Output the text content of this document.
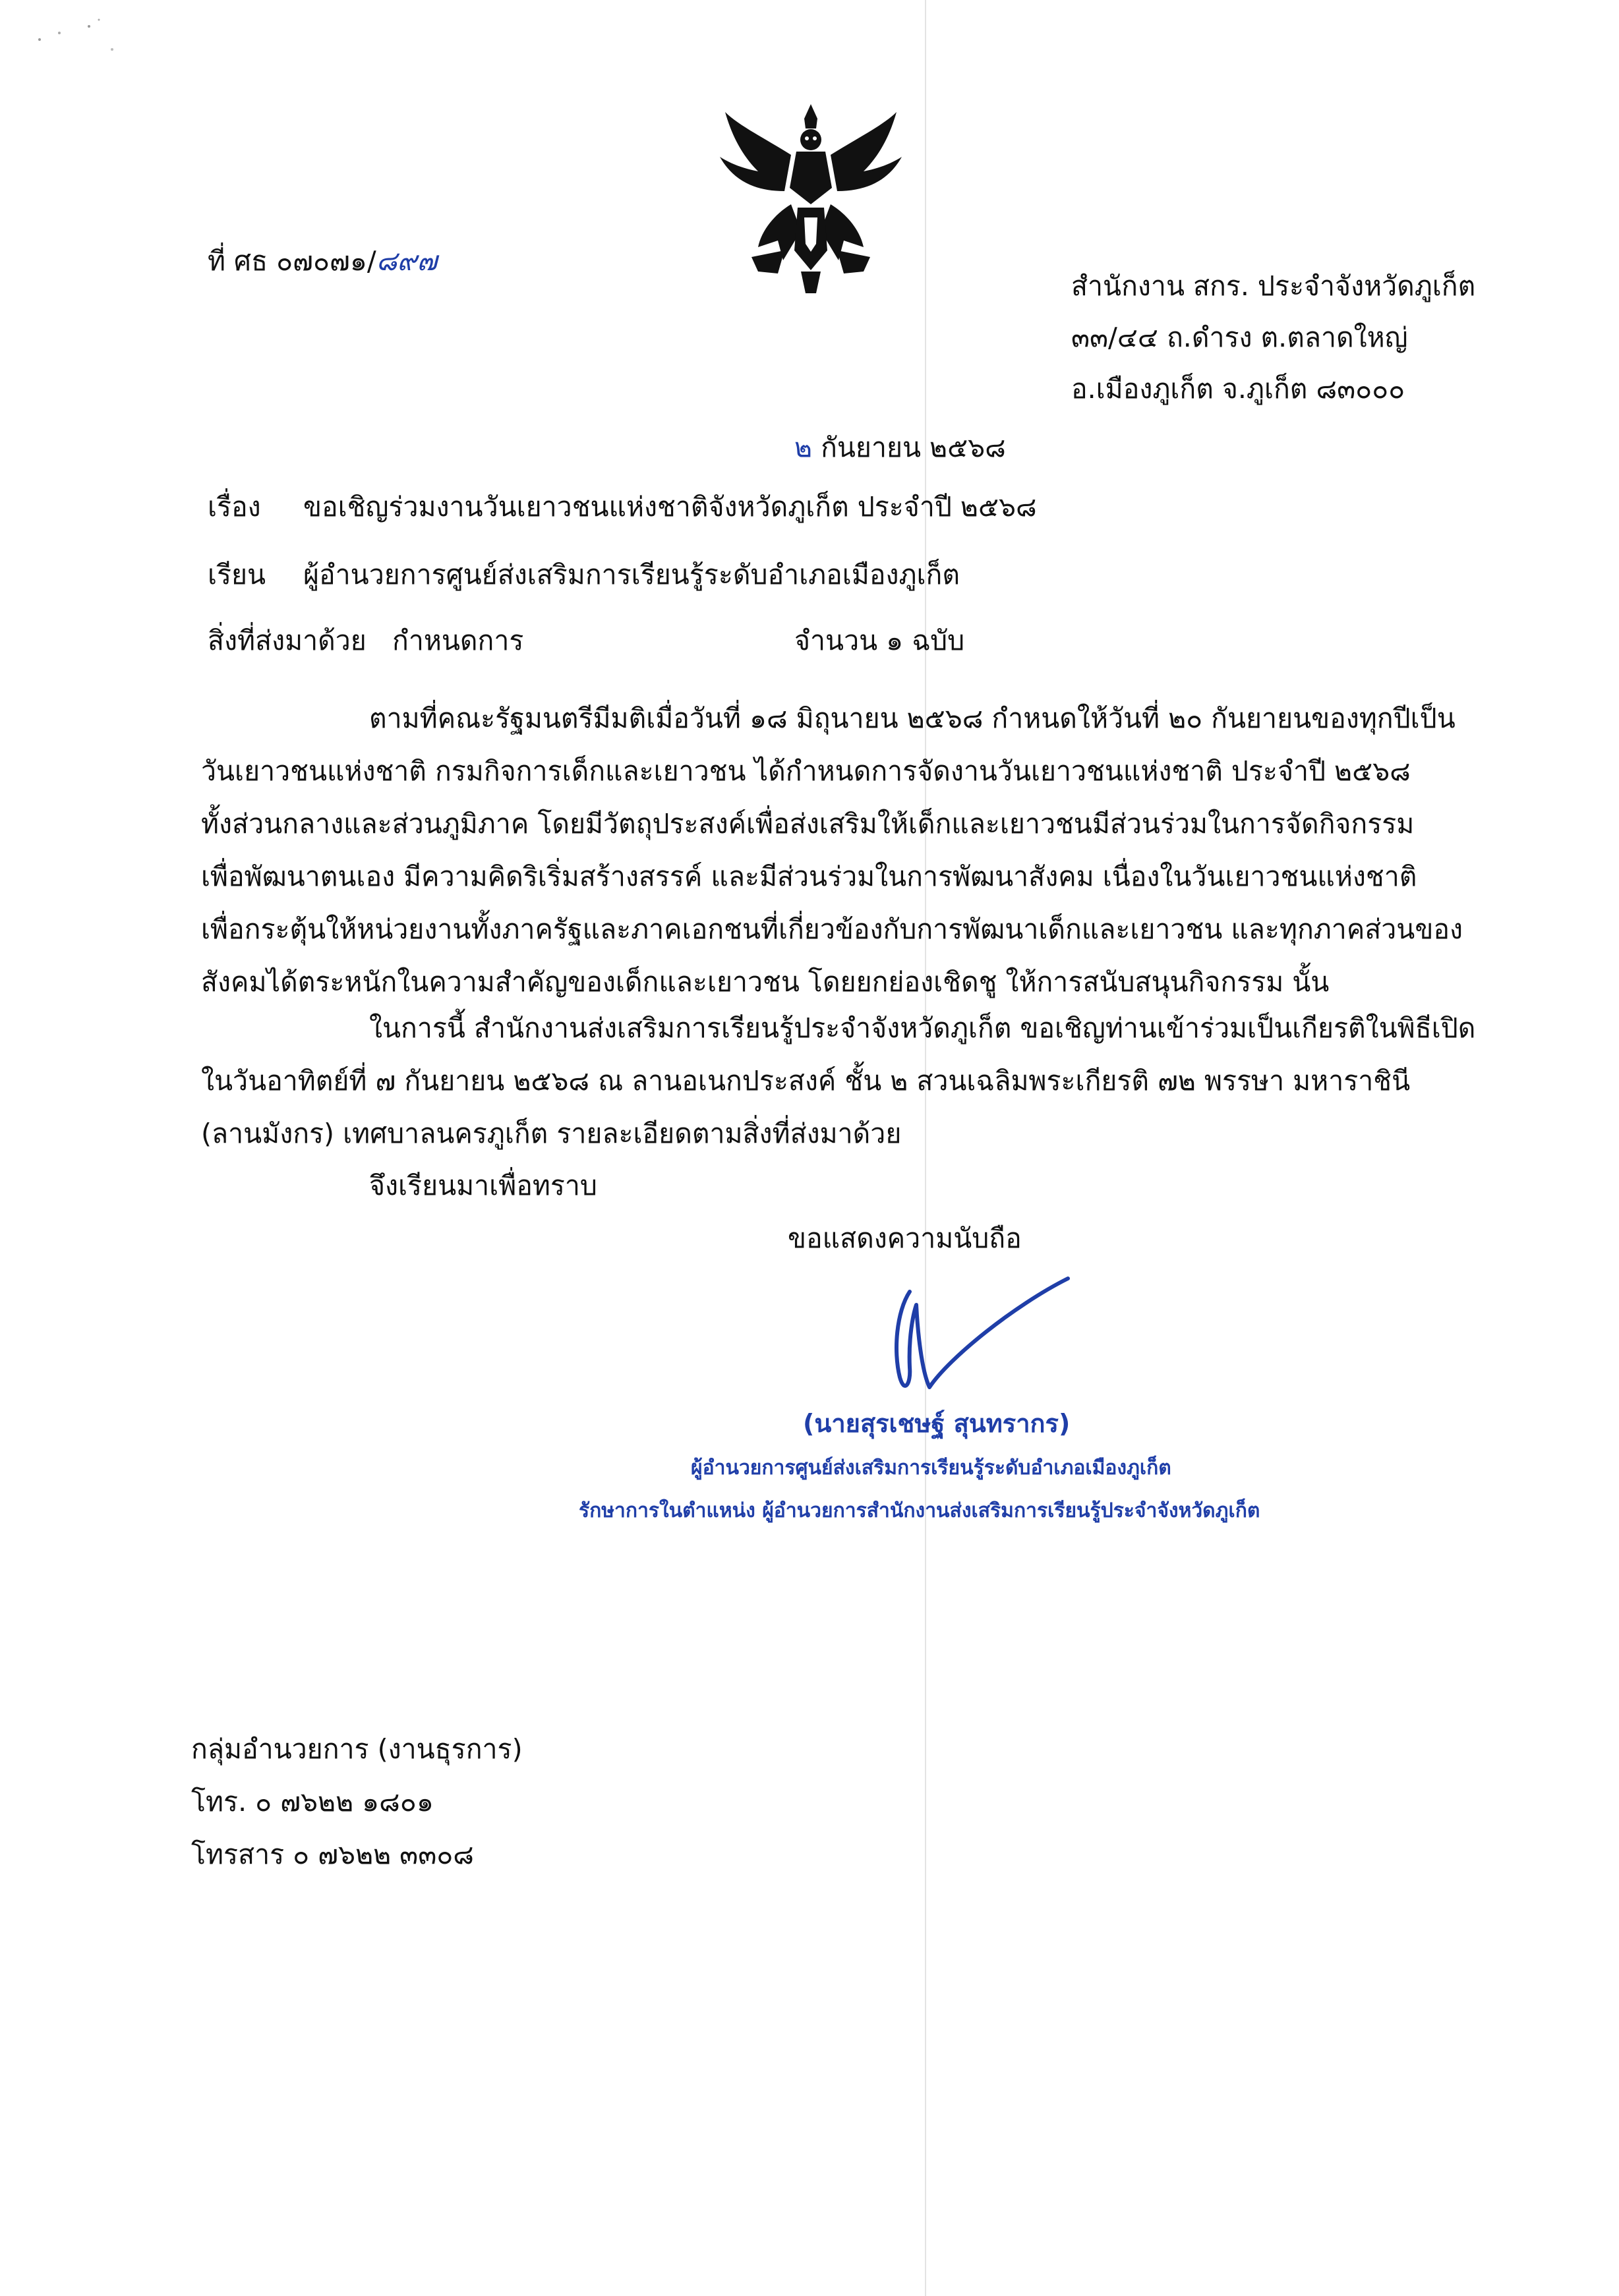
ที่ ศธ ๐๗๐๗๑/๘๙๗
สำนักงาน สกร. ประจำจังหวัดภูเก็ต
๓๓/๔๔ ถ.ดำรง ต.ตลาดใหญ่
อ.เมืองภูเก็ต จ.ภูเก็ต ๘๓๐๐๐
๒ กันยายน ๒๕๖๘
เรื่อง ขอเชิญร่วมงานวันเยาวชนแห่งชาติจังหวัดภูเก็ต ประจำปี ๒๕๖๘
เรียน ผู้อำนวยการศูนย์ส่งเสริมการเรียนรู้ระดับอำเภอเมืองภูเก็ต
สิ่งที่ส่งมาด้วย กำหนดการ	จำนวน ๑ ฉบับ
ตามที่คณะรัฐมนตรีมีมติเมื่อวันที่ ๑๘ มิถุนายน ๒๕๖๘ กำหนดให้วันที่ ๒๐ กันยายนของทุกปีเป็น
วันเยาวชนแห่งชาติ กรมกิจการเด็กและเยาวชน ได้กำหนดการจัดงานวันเยาวชนแห่งชาติ ประจำปี ๒๕๖๘
ทั้งส่วนกลางและส่วนภูมิภาค โดยมีวัตถุประสงค์เพื่อส่งเสริมให้เด็กและเยาวชนมีส่วนร่วมในการจัดกิจกรรม
เพื่อพัฒนาตนเอง มีความคิดริเริ่มสร้างสรรค์ และมีส่วนร่วมในการพัฒนาสังคม เนื่องในวันเยาวชนแห่งชาติ
เพื่อกระตุ้นให้หน่วยงานทั้งภาครัฐและภาคเอกชนที่เกี่ยวข้องกับการพัฒนาเด็กและเยาวชน และทุกภาคส่วนของ
สังคมได้ตระหนักในความสำคัญของเด็กและเยาวชน โดยยกย่องเชิดชู ให้การสนับสนุนกิจกรรม นั้น
ในการนี้ สำนักงานส่งเสริมการเรียนรู้ประจำจังหวัดภูเก็ต ขอเชิญท่านเข้าร่วมเป็นเกียรติในพิธีเปิด
ในวันอาทิตย์ที่ ๗ กันยายน ๒๕๖๘ ณ ลานอเนกประสงค์ ชั้น ๒ สวนเฉลิมพระเกียรติ ๗๒ พรรษา มหาราชินี
(ลานมังกร) เทศบาลนครภูเก็ต รายละเอียดตามสิ่งที่ส่งมาด้วย
จึงเรียนมาเพื่อทราบ
ขอแสดงความนับถือ
(นายสุรเชษฐ์ สุนทรากร)
ผู้อำนวยการศูนย์ส่งเสริมการเรียนรู้ระดับอำเภอเมืองภูเก็ต
รักษาการในตำแหน่ง ผู้อำนวยการสำนักงานส่งเสริมการเรียนรู้ประจำจังหวัดภูเก็ต
กลุ่มอำนวยการ (งานธุรการ)
โทร. ๐ ๗๖๒๒ ๑๘๐๑
โทรสาร ๐ ๗๖๒๒ ๓๓๐๘
